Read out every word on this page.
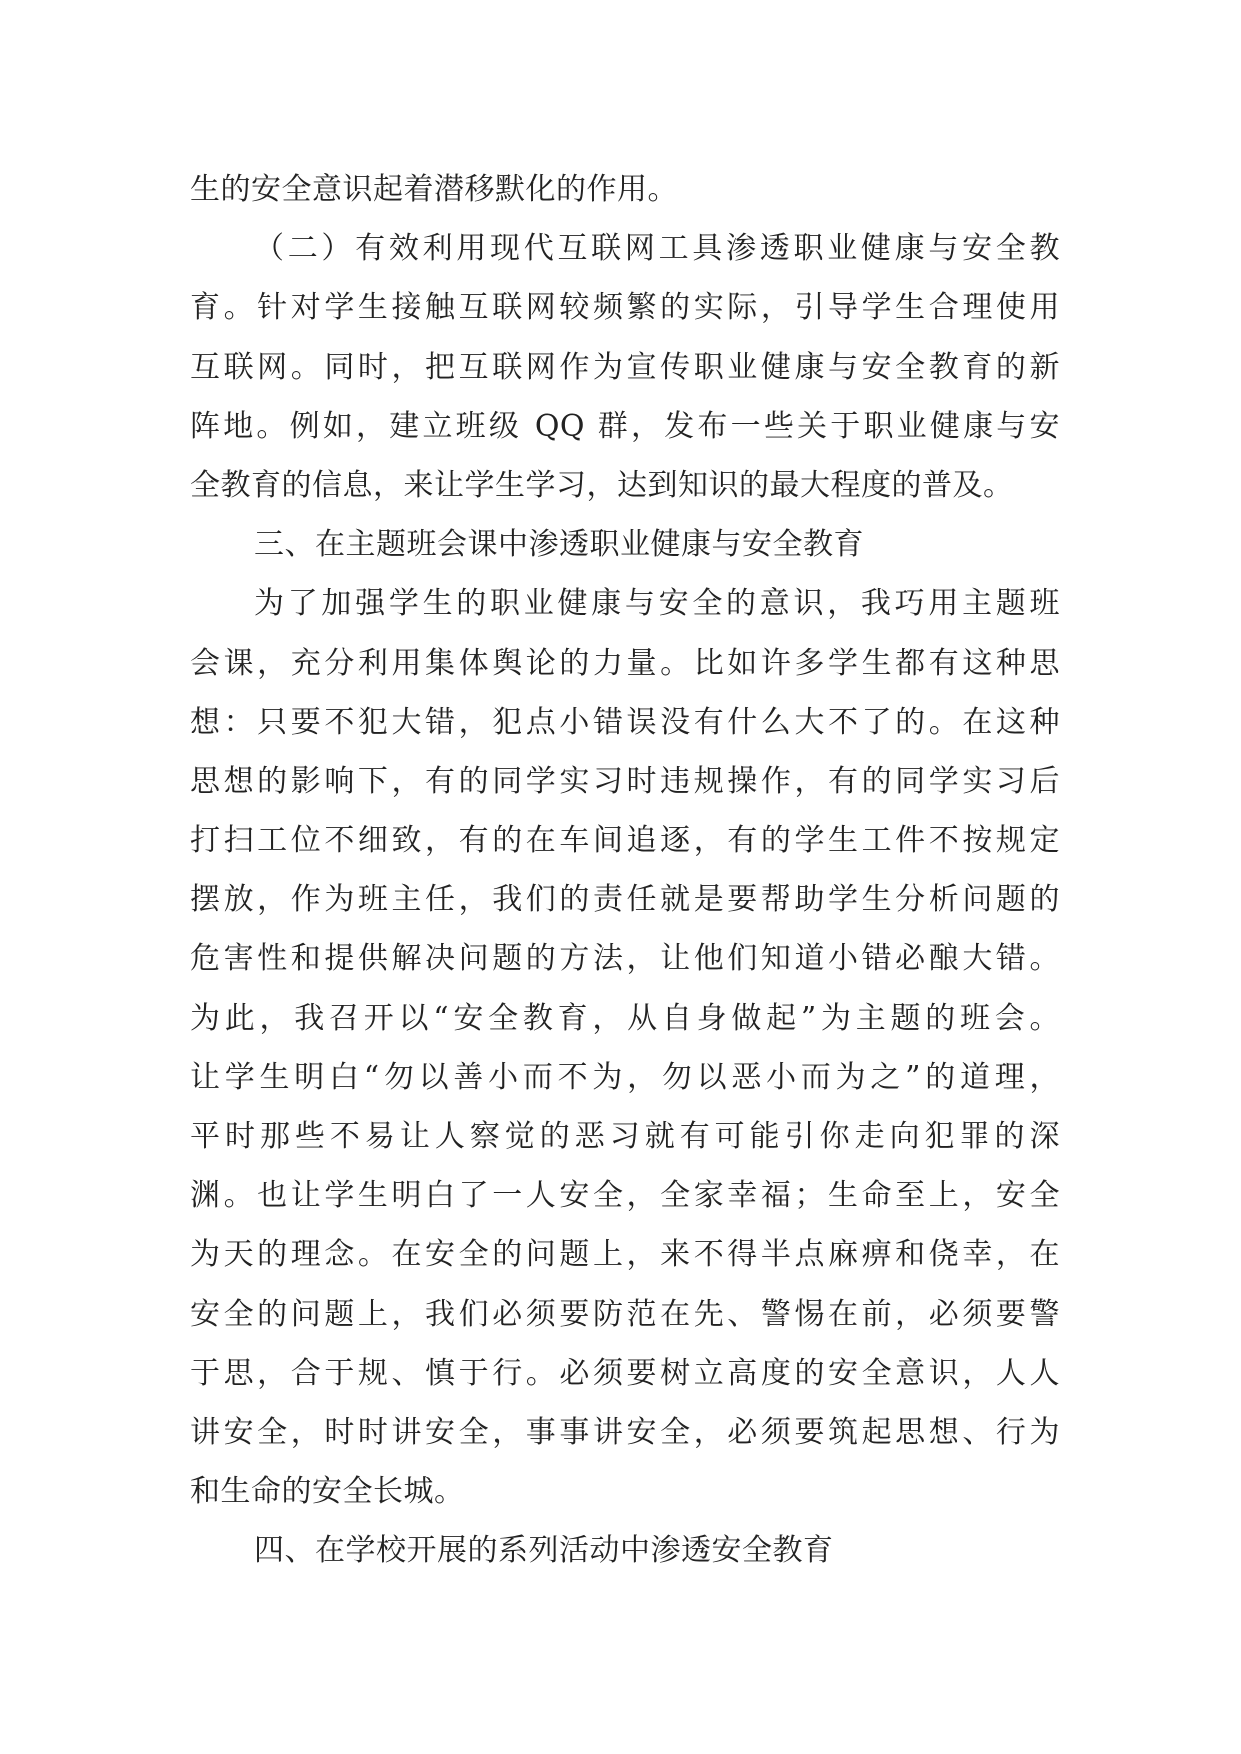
生的安全意识起着潜移默化的作用。
（二）有效利用现代互联网工具渗透职业健康与安全教
育。针对学生接触互联网较频繁的实际，引导学生合理使用
互联网。同时，把互联网作为宣传职业健康与安全教育的新
阵地。例如，建立班级 QQ 群，发布一些关于职业健康与安
全教育的信息，来让学生学习，达到知识的最大程度的普及。
三、在主题班会课中渗透职业健康与安全教育
为了加强学生的职业健康与安全的意识，我巧用主题班
会课，充分利用集体舆论的力量。比如许多学生都有这种思
想：只要不犯大错，犯点小错误没有什么大不了的。在这种
思想的影响下，有的同学实习时违规操作，有的同学实习后
打扫工位不细致，有的在车间追逐，有的学生工件不按规定
摆放，作为班主任，我们的责任就是要帮助学生分析问题的
危害性和提供解决问题的方法，让他们知道小错必酿大错。
为此，我召开以“安全教育，从自身做起”为主题的班会。
让学生明白“勿以善小而不为，勿以恶小而为之”的道理，
平时那些不易让人察觉的恶习就有可能引你走向犯罪的深
渊。也让学生明白了一人安全，全家幸福；生命至上，安全
为天的理念。在安全的问题上，来不得半点麻痹和侥幸，在
安全的问题上，我们必须要防范在先、警惕在前，必须要警
于思，合于规、慎于行。必须要树立高度的安全意识，人人
讲安全，时时讲安全，事事讲安全，必须要筑起思想、行为
和生命的安全长城。
四、在学校开展的系列活动中渗透安全教育
